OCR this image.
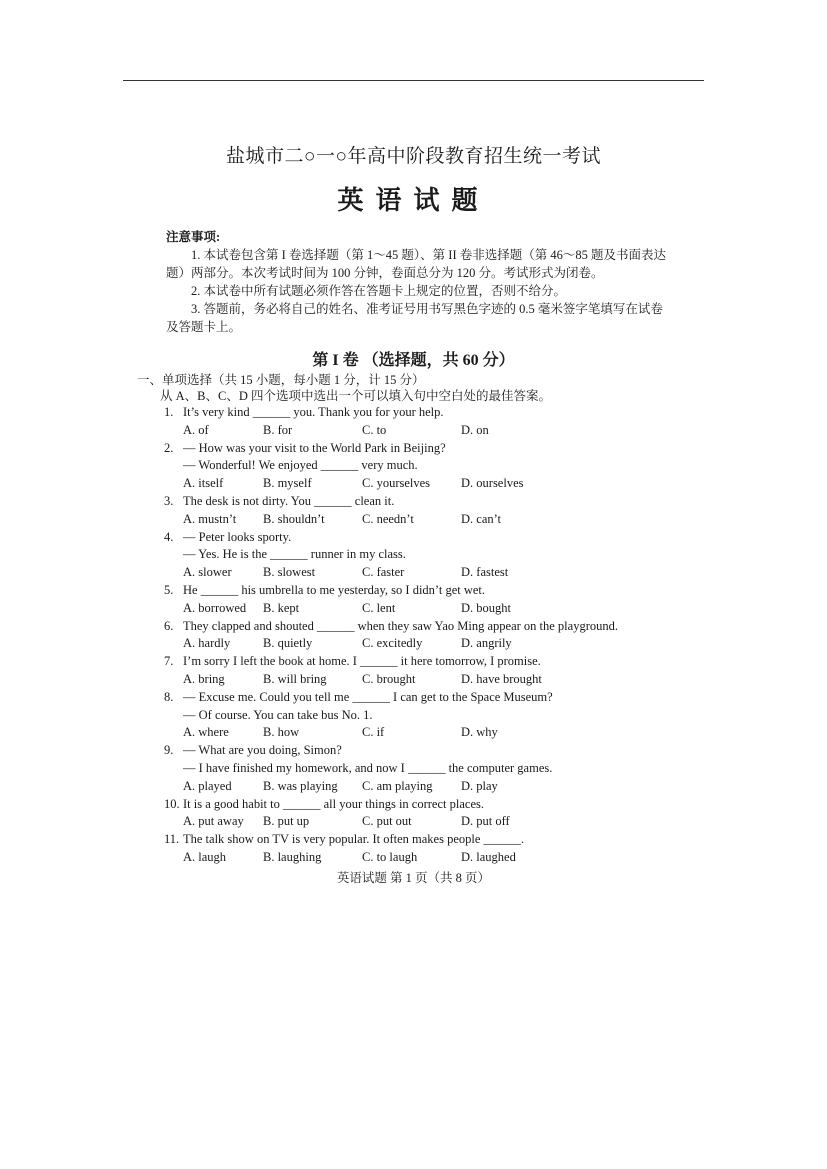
盐城市二○一○年高中阶段教育招生统一考试
英语试题
注意事项:
1. 本试卷包含第 I 卷选择题（第 1～45 题）、第 II 卷非选择题（第 46～85 题及书面表达题）两部分。本次考试时间为 100 分钟，卷面总分为 120 分。考试形式为闭卷。
2. 本试卷中所有试题必须作答在答题卡上规定的位置，否则不给分。
3. 答题前，务必将自己的姓名、准考证号用书写黑色字迹的 0.5 毫米签字笔填写在试卷及答题卡上。
第 I 卷 （选择题，共 60 分）
一、单项选择（共 15 小题，每小题 1 分，计 15 分）
从 A、B、C、D 四个选项中选出一个可以填入句中空白处的最佳答案。
1. It’s very kind ______ you. Thank you for your help.
A. of	B. for	C. to	D. on
2. — How was your visit to the World Park in Beijing?
— Wonderful! We enjoyed ______ very much.
A. itself	B. myself	C. yourselves D. ourselves
3. The desk is not dirty. You ______ clean it.
A. mustn’t B. shouldn’t	C. needn’t	D. can’t
4. — Peter looks sporty.
— Yes. He is the ______ runner in my class.
A. slower	B. slowest	C. faster	D. fastest
5. He ______ his umbrella to me yesterday, so I didn’t get wet.
A. borrowed B. kept	C. lent	D. bought
6. They clapped and shouted ______ when they saw Yao Ming appear on the playground.
A. hardly	B. quietly	C. excitedly	D. angrily
7. I’m sorry I left the book at home. I ______ it here tomorrow, I promise.
A. bring	B. will bring	C. brought	D. have brought
8. — Excuse me. Could you tell me ______ I can get to the Space Museum?
— Of course. You can take bus No. 1.
A. where	B. how	C. if	D. why
9. — What are you doing, Simon?
— I have finished my homework, and now I ______ the computer games.
A. played	B. was playing C. am playing D. play
10. It is a good habit to ______ all your things in correct places.
A. put away B. put up	C. put out	D. put off
11. The talk show on TV is very popular. It often makes people ______.
A. laugh	B. laughing	C. to laugh	D. laughed
英语试题 第 1 页（共 8 页）
